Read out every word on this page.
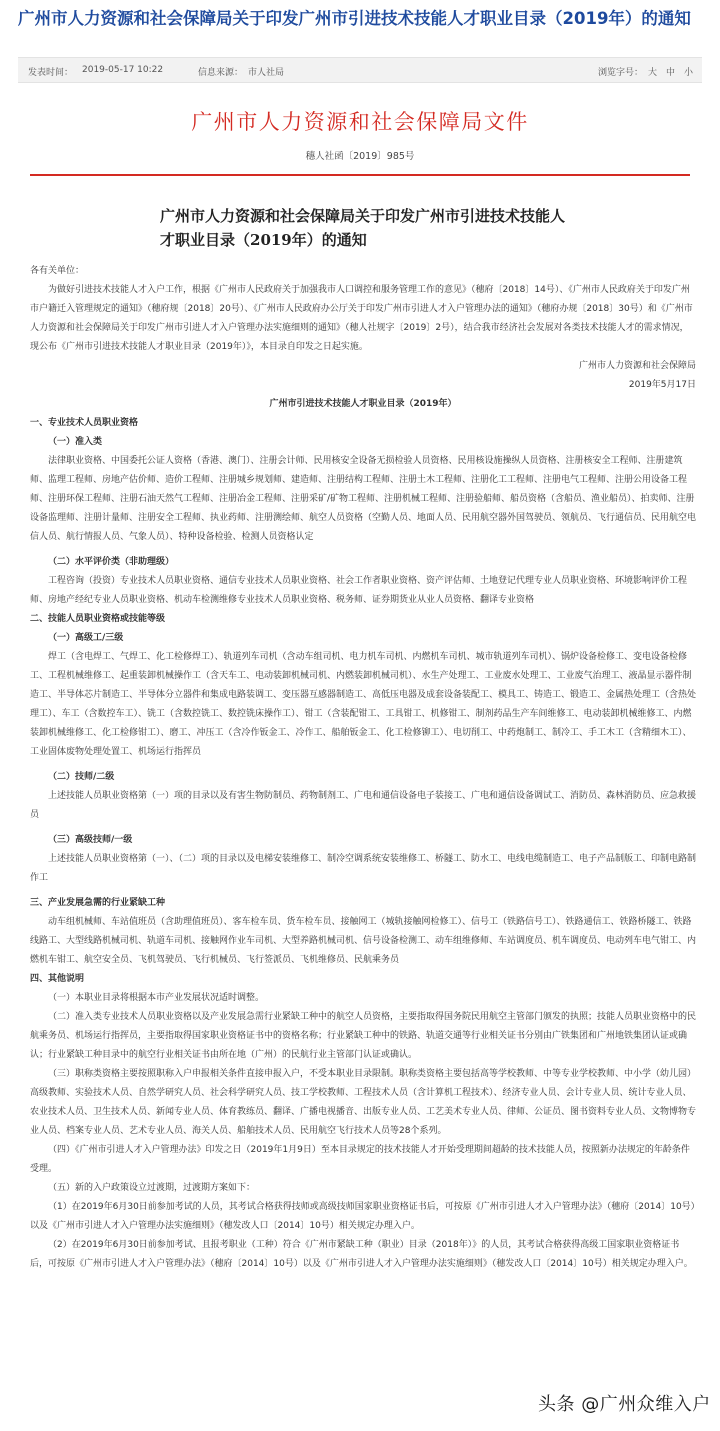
广州市人力资源和社会保障局关于印发广州市引进技术技能人才职业目录（2019年）的通知
发表时间： 2019-05-17 10:22	信息来源： 市人社局	浏览字号： 大 中 小
广州市人力资源和社会保障局文件
穗人社函〔2019〕985号
广州市人力资源和社会保障局关于印发广州市引进技术技能人
才职业目录（2019年）的通知

各有关单位：

为做好引进技术技能人才入户工作，根据《广州市人民政府关于加强我市人口调控和服务管理工作的意见》（穗府〔2018〕14号）、《广州市人民政府关于印发广州市户籍迁入管理规定的通知》（穗府规〔2018〕20号）、《广州市人民政府办公厅关于印发广州市引进人才入户管理办法的通知》（穗府办规〔2018〕30号）和《广州市人力资源和社会保障局关于印发广州市引进人才入户管理办法实施细则的通知》（穗人社规字〔2019〕2号），结合我市经济社会发展对各类技术技能人才的需求情况，现公布《广州市引进技术技能人才职业目录（2019年）》，本目录自印发之日起实施。

广州市人力资源和社会保障局

2019年5月17日

广州市引进技术技能人才职业目录（2019年）

一、专业技术人员职业资格

（一）准入类

法律职业资格、中国委托公证人资格（香港、澳门）、注册会计师、民用核安全设备无损检验人员资格、民用核设施操纵人员资格、注册核安全工程师、注册建筑师、监理工程师、房地产估价师、造价工程师、注册城乡规划师、建造师、注册结构工程师、注册土木工程师、注册化工工程师、注册电气工程师、注册公用设备工程师、注册环保工程师、注册石油天然气工程师、注册冶金工程师、注册采矿/矿物工程师、注册机械工程师、注册验船师、船员资格（含船员、渔业船员）、拍卖师、注册设备监理师、注册计量师、注册安全工程师、执业药师、注册测绘师、航空人员资格（空勤人员、地面人员、民用航空器外国驾驶员、领航员、飞行通信员、民用航空电信人员、航行情报人员、气象人员）、特种设备检验、检测人员资格认定

（二）水平评价类（非助理级）

工程咨询（投资）专业技术人员职业资格、通信专业技术人员职业资格、社会工作者职业资格、资产评估师、土地登记代理专业人员职业资格、环境影响评价工程师、房地产经纪专业人员职业资格、机动车检测维修专业技术人员职业资格、税务师、证券期货业从业人员资格、翻译专业资格

二、技能人员职业资格或技能等级

（一）高级工/三级

焊工（含电焊工、气焊工、化工检修焊工）、轨道列车司机（含动车组司机、电力机车司机、内燃机车司机、城市轨道列车司机）、锅炉设备检修工、变电设备检修工、工程机械维修工、起重装卸机械操作工（含天车工、电动装卸机械司机、内燃装卸机械司机）、水生产处理工、工业废水处理工、工业废气治理工、液晶显示器件制造工、半导体芯片制造工、半导体分立器件和集成电路装调工、变压器互感器制造工、高低压电器及成套设备装配工、模具工、铸造工、锻造工、金属热处理工（含热处理工）、车工（含数控车工）、铣工（含数控铣工、数控铣床操作工）、钳工（含装配钳工、工具钳工、机修钳工、制剂药品生产车间维修工、电动装卸机械维修工、内燃装卸机械维修工、化工检修钳工）、磨工、冲压工（含冷作钣金工、冷作工、船舶钣金工、化工检修铆工）、电切削工、中药炮制工、制冷工、手工木工（含精细木工）、工业固体废物处理处置工、机场运行指挥员

（二）技师/二级

上述技能人员职业资格第（一）项的目录以及有害生物防制员、药物制剂工、广电和通信设备电子装接工、广电和通信设备调试工、消防员、森林消防员、应急救援员

（三）高级技师/一级

上述技能人员职业资格第（一）、（二）项的目录以及电梯安装维修工、制冷空调系统安装维修工、桥隧工、防水工、电线电缆制造工、电子产品制版工、印制电路制作工

三、产业发展急需的行业紧缺工种

动车组机械师、车站值班员（含助理值班员）、客车检车员、货车检车员、接触网工（城轨接触网检修工）、信号工（铁路信号工）、铁路通信工、铁路桥隧工、铁路线路工、大型线路机械司机、轨道车司机、接触网作业车司机、大型养路机械司机、信号设备检测工、动车组维修师、车站调度员、机车调度员、电动列车电气钳工、内燃机车钳工、航空安全员、飞机驾驶员、飞行机械员、飞行签派员、飞机维修员、民航乘务员

四、其他说明

（一）本职业目录将根据本市产业发展状况适时调整。

（二）准入类专业技术人员职业资格以及产业发展急需行业紧缺工种中的航空人员资格，主要指取得国务院民用航空主管部门颁发的执照；技能人员职业资格中的民航乘务员、机场运行指挥员，主要指取得国家职业资格证书中的资格名称；行业紧缺工种中的铁路、轨道交通等行业相关证书分别由广铁集团和广州地铁集团认证或确认；行业紧缺工种目录中的航空行业相关证书由所在地（广州）的民航行业主管部门认证或确认。

（三）职称类资格主要按照职称入户申报相关条件直接申报入户，不受本职业目录限制。职称类资格主要包括高等学校教师、中等专业学校教师、中小学（幼儿园）高级教师、实验技术人员、自然学研究人员、社会科学研究人员、技工学校教师、工程技术人员（含计算机工程技术）、经济专业人员、会计专业人员、统计专业人员、农业技术人员、卫生技术人员、新闻专业人员、体育教练员、翻译、广播电视播音、出版专业人员、工艺美术专业人员、律师、公证员、图书资料专业人员、文物博物专业人员、档案专业人员、艺术专业人员、海关人员、船舶技术人员、民用航空飞行技术人员等28个系列。

（四）《广州市引进人才入户管理办法》印发之日（2019年1月9日）至本目录规定的技术技能人才开始受理期间超龄的技术技能人员，按照新办法规定的年龄条件受理。

（五）新的入户政策设立过渡期，过渡期方案如下：

（1）在2019年6月30日前参加考试的人员，其考试合格获得技师或高级技师国家职业资格证书后，可按原《广州市引进人才入户管理办法》（穗府〔2014〕10号）以及《广州市引进人才入户管理办法实施细则》（穗发改人口〔2014〕10号）相关规定办理入户。

（2）在2019年6月30日前参加考试、且报考职业（工种）符合《广州市紧缺工种（职业）目录（2018年）》的人员，其考试合格获得高级工国家职业资格证书后，可按原《广州市引进人才入户管理办法》（穗府〔2014〕10号）以及《广州市引进人才入户管理办法实施细则》（穗发改人口〔2014〕10号）相关规定办理入户。

头条 @广州众维入户
